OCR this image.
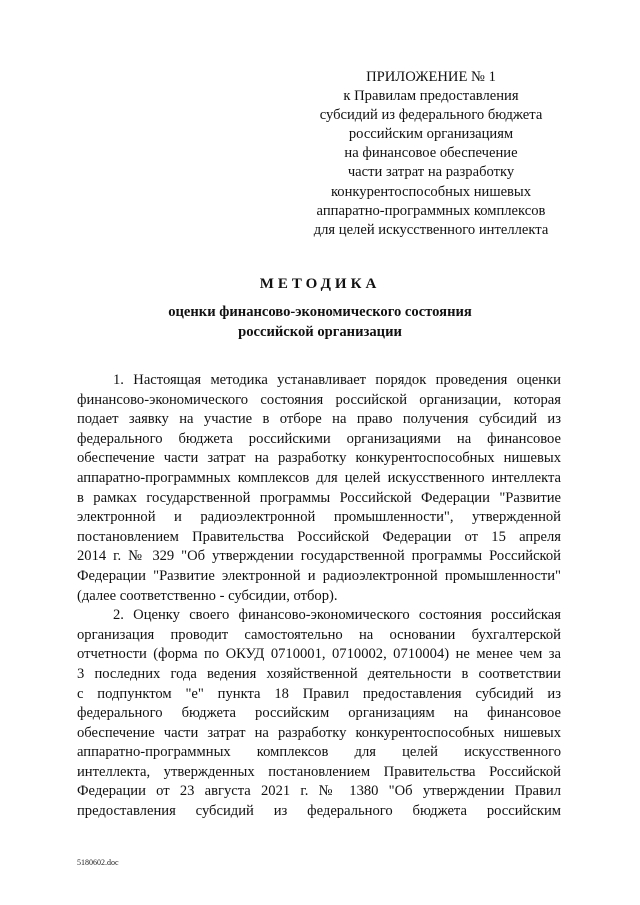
ПРИЛОЖЕНИЕ № 1
к Правилам предоставления
субсидий из федерального бюджета
российским организациям
на финансовое обеспечение
части затрат на разработку
конкурентоспособных нишевых
аппаратно-программных комплексов
для целей искусственного интеллекта
МЕТОДИКА
оценки финансово-экономического состояния
российской организации
1. Настоящая методика устанавливает порядок проведения оценки
финансово-экономического состояния российской организации, которая
подает заявку на участие в отборе на право получения субсидий из
федерального бюджета российскими организациями на финансовое
обеспечение части затрат на разработку конкурентоспособных нишевых
аппаратно-программных комплексов для целей искусственного интеллекта
в рамках государственной программы Российской Федерации "Развитие
электронной и радиоэлектронной промышленности", утвержденной
постановлением Правительства Российской Федерации от 15 апреля
2014 г. № 329 "Об утверждении государственной программы Российской
Федерации "Развитие электронной и радиоэлектронной промышленности"
(далее соответственно - субсидии, отбор).
2. Оценку своего финансово-экономического состояния российская
организация проводит самостоятельно на основании бухгалтерской
отчетности (форма по ОКУД 0710001, 0710002, 0710004) не менее чем за
3 последних года ведения хозяйственной деятельности в соответствии
с подпунктом "е" пункта 18 Правил предоставления субсидий из
федерального бюджета российским организациям на финансовое
обеспечение части затрат на разработку конкурентоспособных нишевых
аппаратно-программных комплексов для целей искусственного
интеллекта, утвержденных постановлением Правительства Российской
Федерации от 23 августа 2021 г. № 1380 "Об утверждении Правил
предоставления субсидий из федерального бюджета российским
5180602.doc
